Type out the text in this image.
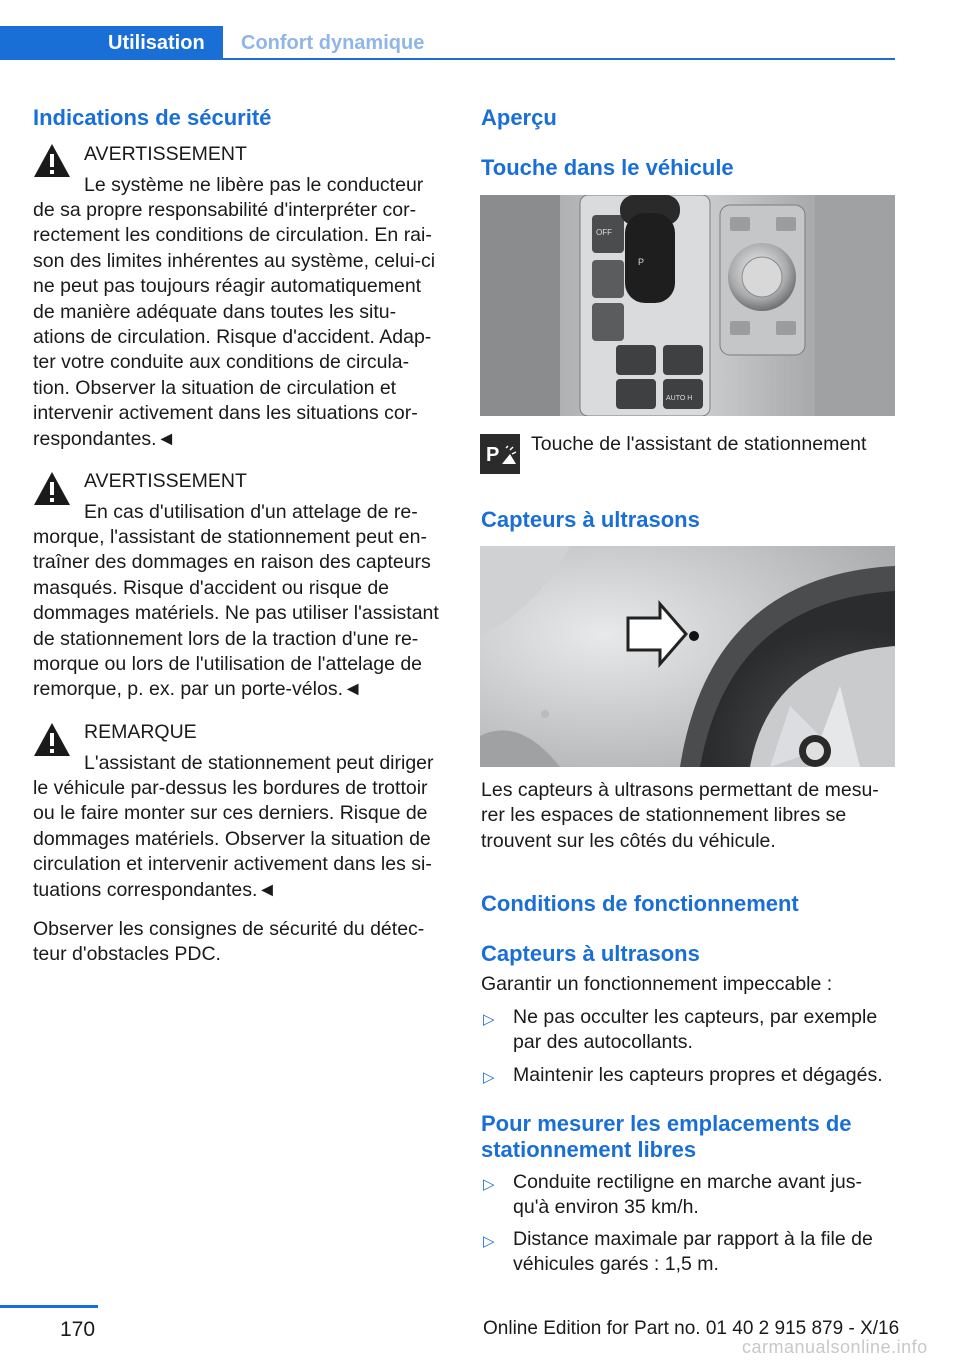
Utilisation Confort dynamique
Indications de sécurité
AVERTISSEMENT
Le système ne libère pas le conducteur
de sa propre responsabilité d'interpréter cor-
rectement les conditions de circulation. En rai-
son des limites inhérentes au système, celui-ci
ne peut pas toujours réagir automatiquement
de manière adéquate dans toutes les situ-
ations de circulation. Risque d'accident. Adap-
ter votre conduite aux conditions de circula-
tion. Observer la situation de circulation et
intervenir activement dans les situations cor-
respondantes.◄
AVERTISSEMENT
En cas d'utilisation d'un attelage de re-
morque, l'assistant de stationnement peut en-
traîner des dommages en raison des capteurs
masqués. Risque d'accident ou risque de
dommages matériels. Ne pas utiliser l'assistant
de stationnement lors de la traction d'une re-
morque ou lors de l'utilisation de l'attelage de
remorque, p. ex. par un porte-vélos.◄
REMARQUE
L'assistant de stationnement peut diriger
le véhicule par-dessus les bordures de trottoir
ou le faire monter sur ces derniers. Risque de
dommages matériels. Observer la situation de
circulation et intervenir activement dans les si-
tuations correspondantes.◄
Observer les consignes de sécurité du détec-
teur d'obstacles PDC.
Aperçu
Touche dans le véhicule
P
OFF
AUTO H
P Touche de l'assistant de stationnement
Capteurs à ultrasons
Les capteurs à ultrasons permettant de mesu-
rer les espaces de stationnement libres se
trouvent sur les côtés du véhicule.
Conditions de fonctionnement
Capteurs à ultrasons
Garantir un fonctionnement impeccable :
▷ Ne pas occulter les capteurs, par exemple
par des autocollants.
▷ Maintenir les capteurs propres et dégagés.
Pour mesurer les emplacements de
stationnement libres
▷ Conduite rectiligne en marche avant jus-
qu'à environ 35 km/h.
▷ Distance maximale par rapport à la file de
véhicules garés : 1,5 m.
170	Online Edition for Part no. 01 40 2 915 879 - X/16
carmanualsonline.info
